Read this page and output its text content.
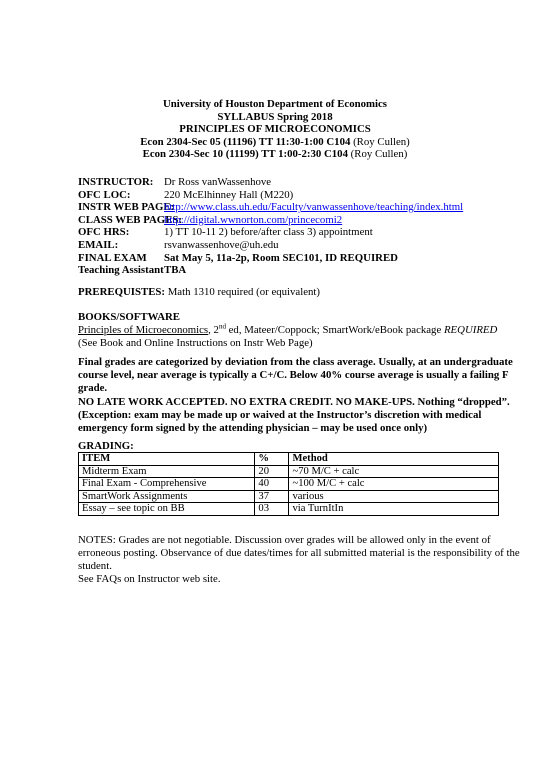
University of Houston Department of Economics
SYLLABUS Spring 2018
PRINCIPLES OF MICROECONOMICS
Econ 2304-Sec 05 (11196) TT 11:30-1:00 C104 (Roy Cullen)
Econ 2304-Sec 10 (11199) TT 1:00-2:30 C104 (Roy Cullen)
INSTRUCTOR: Dr Ross vanWassenhove
OFC LOC:	220 McElhinney Hall (M220)
INSTR WEB PAGE:
http://www.class.uh.edu/Faculty/vanwassenhove/teaching/index.html
CLASS WEB PAGES:
http://digital.wwnorton.com/princecomi2
OFC HRS:	1) TT 10-11 2) before/after class 3) appointment
EMAIL:	rsvanwassenhove@uh.edu
FINAL EXAM	Sat May 5, 11a-2p, Room SEC101, ID REQUIRED
Teaching Assistant TBA
PREREQUISTES: Math 1310 required (or equivalent)
BOOKS/SOFTWARE
Principles of Microeconomics, 2nd ed, Mateer/Coppock; SmartWork/eBook package REQUIRED
(See Book and Online Instructions on Instr Web Page)
Final grades are categorized by deviation from the class average. Usually, at an undergraduate course level, near average is typically a C+/C. Below 40% course average is usually a failing F grade.
NO LATE WORK ACCEPTED. NO EXTRA CREDIT. NO MAKE-UPS. Nothing “dropped”. (Exception: exam may be made up or waived at the Instructor’s discretion with medical emergency form signed by the attending physician – may be used once only)
GRADING:
ITEM	%	Method
Midterm Exam	20	~70 M/C + calc
Final Exam - Comprehensive	40	~100 M/C + calc
SmartWork Assignments	37	various
Essay – see topic on BB	03	via TurnItIn
NOTES: Grades are not negotiable. Discussion over grades will be allowed only in the event of erroneous posting. Observance of due dates/times for all submitted material is the responsibility of the student.
See FAQs on Instructor web site.
